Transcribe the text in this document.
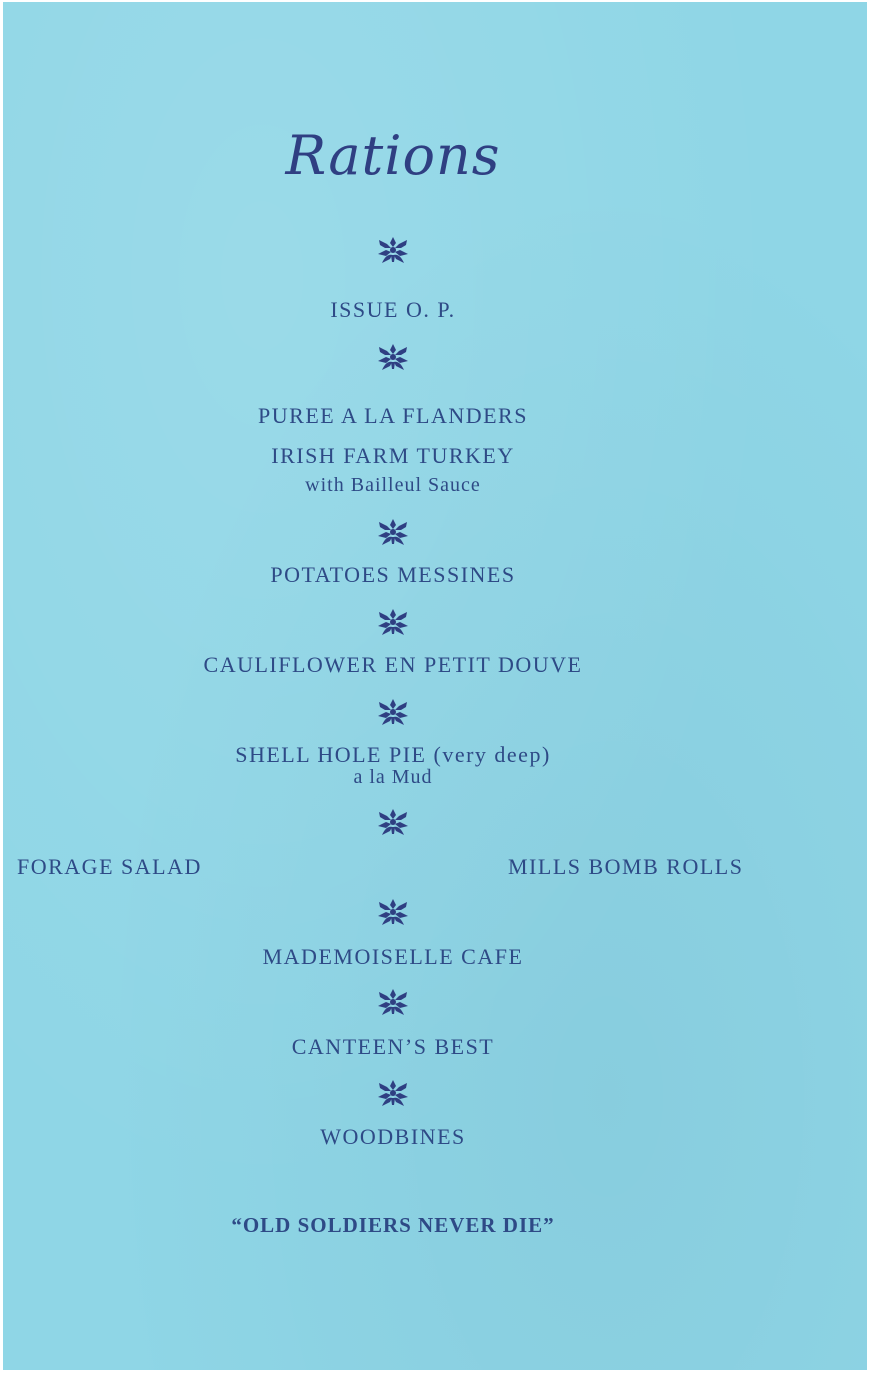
Rations
ISSUE O. P.
PUREE A LA FLANDERS
IRISH FARM TURKEY
with Bailleul Sauce
POTATOES MESSINES
CAULIFLOWER EN PETIT DOUVE
SHELL HOLE PIE (very deep)
a la Mud
FORAGE SALAD	MILLS BOMB ROLLS
MADEMOISELLE CAFE
CANTEEN’S BEST
WOODBINES
“OLD SOLDIERS NEVER DIE”
